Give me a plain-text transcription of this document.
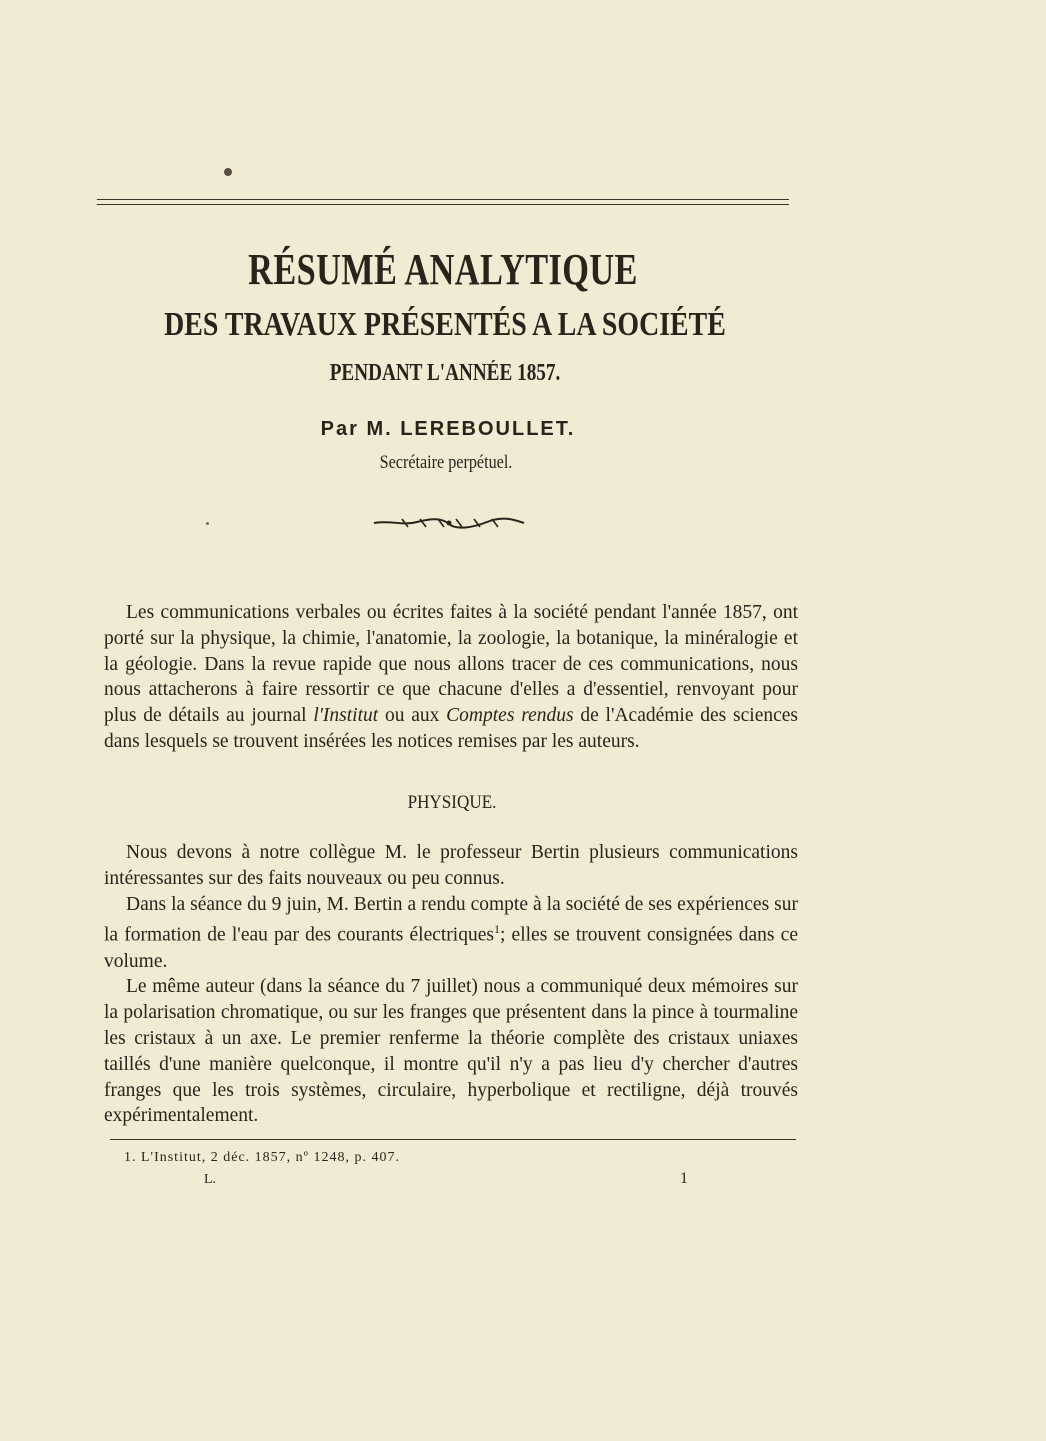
RÉSUMÉ ANALYTIQUE
DES TRAVAUX PRÉSENTÉS A LA SOCIÉTÉ
PENDANT L'ANNÉE 1857.
Par M. LEREBOULLET.
Secrétaire perpétuel.

Les communications verbales ou écrites faites à la société pendant l'année 1857, ont porté sur la physique, la chimie, l'anatomie, la zoologie, la botanique, la minéralogie et la géologie. Dans la revue rapide que nous allons tracer de ces communications, nous nous attacherons à faire ressortir ce que chacune d'elles a d'essentiel, renvoyant pour plus de détails au journal l'Institut ou aux Comptes rendus de l'Académie des sciences dans lesquels se trouvent insérées les notices remises par les auteurs.

PHYSIQUE.

Nous devons à notre collègue M. le professeur Bertin plusieurs communications intéressantes sur des faits nouveaux ou peu connus.

Dans la séance du 9 juin, M. Bertin a rendu compte à la société de ses expériences sur la formation de l'eau par des courants électriques$^1$; elles se trouvent consignées dans ce volume.

Le même auteur (dans la séance du 7 juillet) nous a communiqué deux mémoires sur la polarisation chromatique, ou sur les franges que présentent dans la pince à tourmaline les cristaux à un axe. Le premier renferme la théorie complète des cristaux uniaxes taillés d'une manière quelconque, il montre qu'il n'y a pas lieu d'y chercher d'autres franges que les trois systèmes, circulaire, hyperbolique et rectiligne, déjà trouvés expérimentalement.

1. L'Institut, 2 déc. 1857, nº 1248, p. 407.
L.	1
